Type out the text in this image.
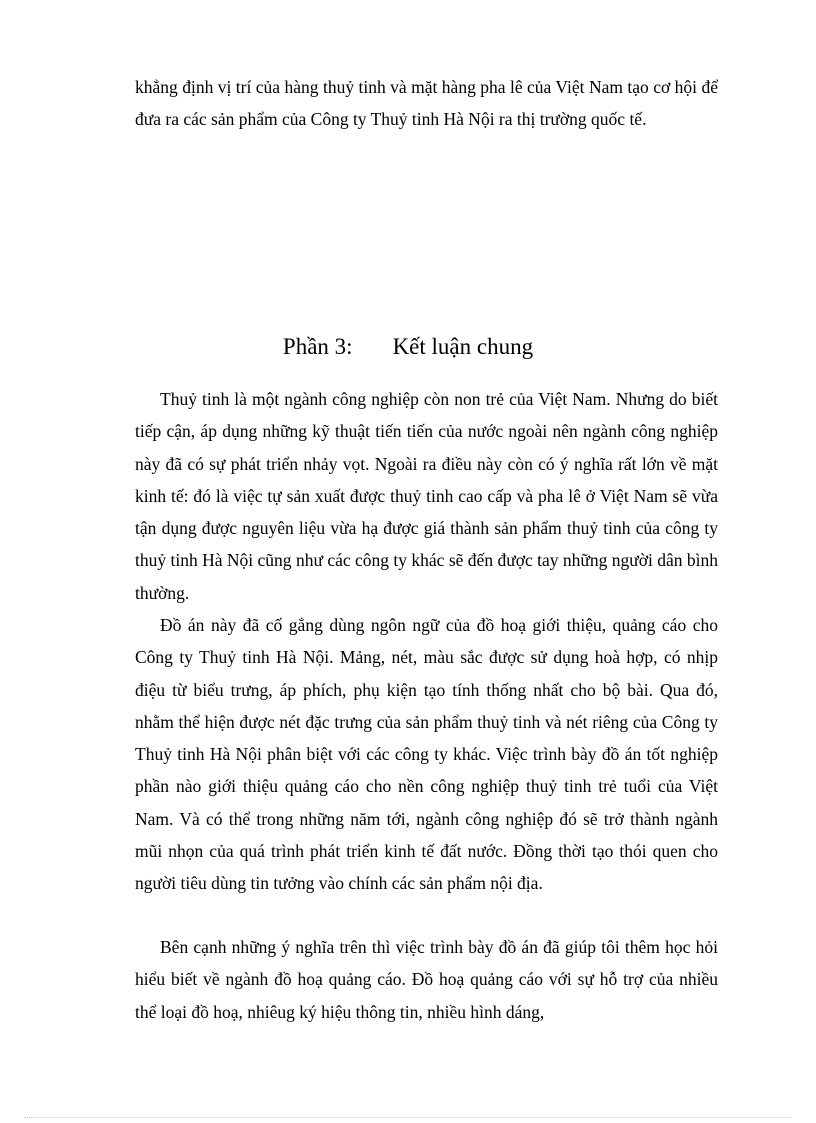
khẳng định vị trí của hàng thuỷ tinh và mặt hàng pha lê của Việt Nam tạo cơ hội để đưa ra các sản phẩm của Công ty Thuỷ tinh Hà Nội ra thị trường quốc tế.

Phần 3: Kết luận chung

Thuỷ tinh là một ngành công nghiệp còn non trẻ của Việt Nam. Nhưng do biết tiếp cận, áp dụng những kỹ thuật tiến tiến của nước ngoài nên ngành công nghiệp này đã có sự phát triển nhảy vọt. Ngoài ra điều này còn có ý nghĩa rất lớn về mặt kinh tế: đó là việc tự sản xuất được thuỷ tinh cao cấp và pha lê ở Việt Nam sẽ vừa tận dụng được nguyên liệu vừa hạ được giá thành sản phẩm thuỷ tinh của công ty thuỷ tinh Hà Nội cũng như các công ty khác sẽ đến được tay những người dân bình thường.

Đồ án này đã cố gắng dùng ngôn ngữ của đồ hoạ giới thiệu, quảng cáo cho Công ty Thuỷ tinh Hà Nội. Mảng, nét, màu sắc được sử dụng hoà hợp, có nhịp điệu từ biểu trưng, áp phích, phụ kiện tạo tính thống nhất cho bộ bài. Qua đó, nhằm thể hiện được nét đặc trưng của sản phẩm thuỷ tinh và nét riêng của Công ty Thuỷ tinh Hà Nội phân biệt với các công ty khác. Việc trình bày đồ án tốt nghiệp phần nào giới thiệu quảng cáo cho nền công nghiệp thuỷ tinh trẻ tuổi của Việt Nam. Và có thể trong những năm tới, ngành công nghiệp đó sẽ trở thành ngành mũi nhọn của quá trình phát triển kinh tế đất nước. Đồng thời tạo thói quen cho người tiêu dùng tin tưởng vào chính các sản phẩm nội địa.

Bên cạnh những ý nghĩa trên thì việc trình bày đồ án đã giúp tôi thêm học hỏi hiểu biết về ngành đồ hoạ quảng cáo. Đồ hoạ quảng cáo với sự hỗ trợ của nhiều thể loại đồ hoạ, nhiêug ký hiệu thông tin, nhiều hình dáng,
